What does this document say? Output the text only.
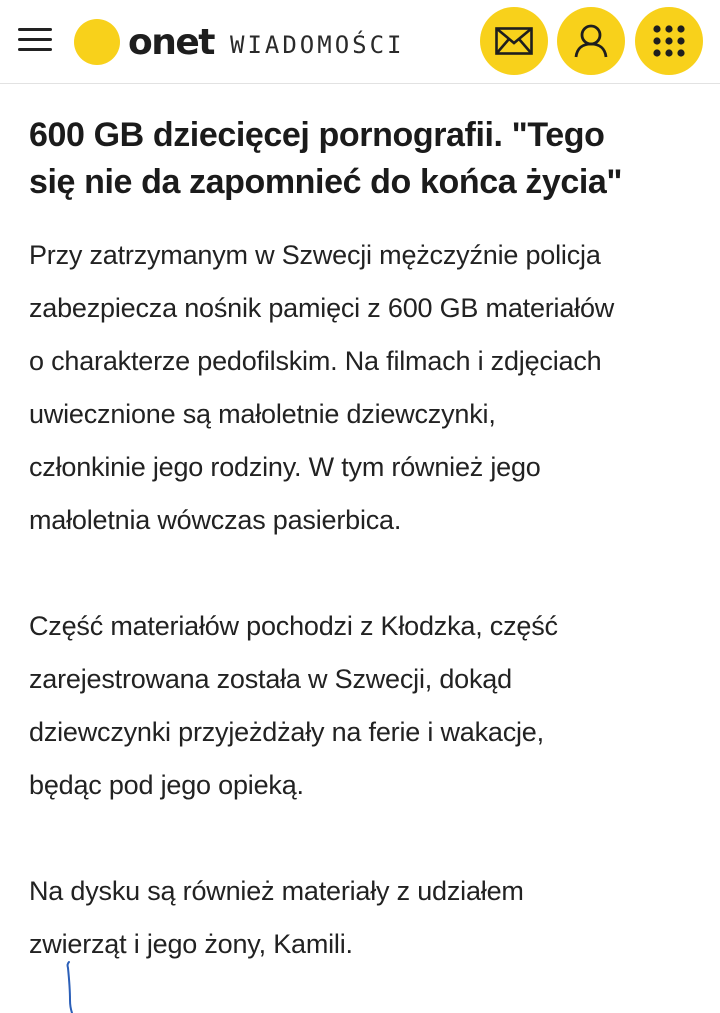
onet WIADOMOŚCI
600 GB dziecięcej pornografii. "Tego
się nie da zapomnieć do końca życia"

Przy zatrzymanym w Szwecji mężczyźnie policja
zabezpiecza nośnik pamięci z 600 GB materiałów
o charakterze pedofilskim. Na filmach i zdjęciach
uwiecznione są małoletnie dziewczynki,
członkinie jego rodziny. W tym również jego
małoletnia wówczas pasierbica.

Część materiałów pochodzi z Kłodzka, część
zarejestrowana została w Szwecji, dokąd
dziewczynki przyjeżdżały na ferie i wakacje,
będąc pod jego opieką.

Na dysku są również materiały z udziałem
zwierząt i jego żony, Kamili.
